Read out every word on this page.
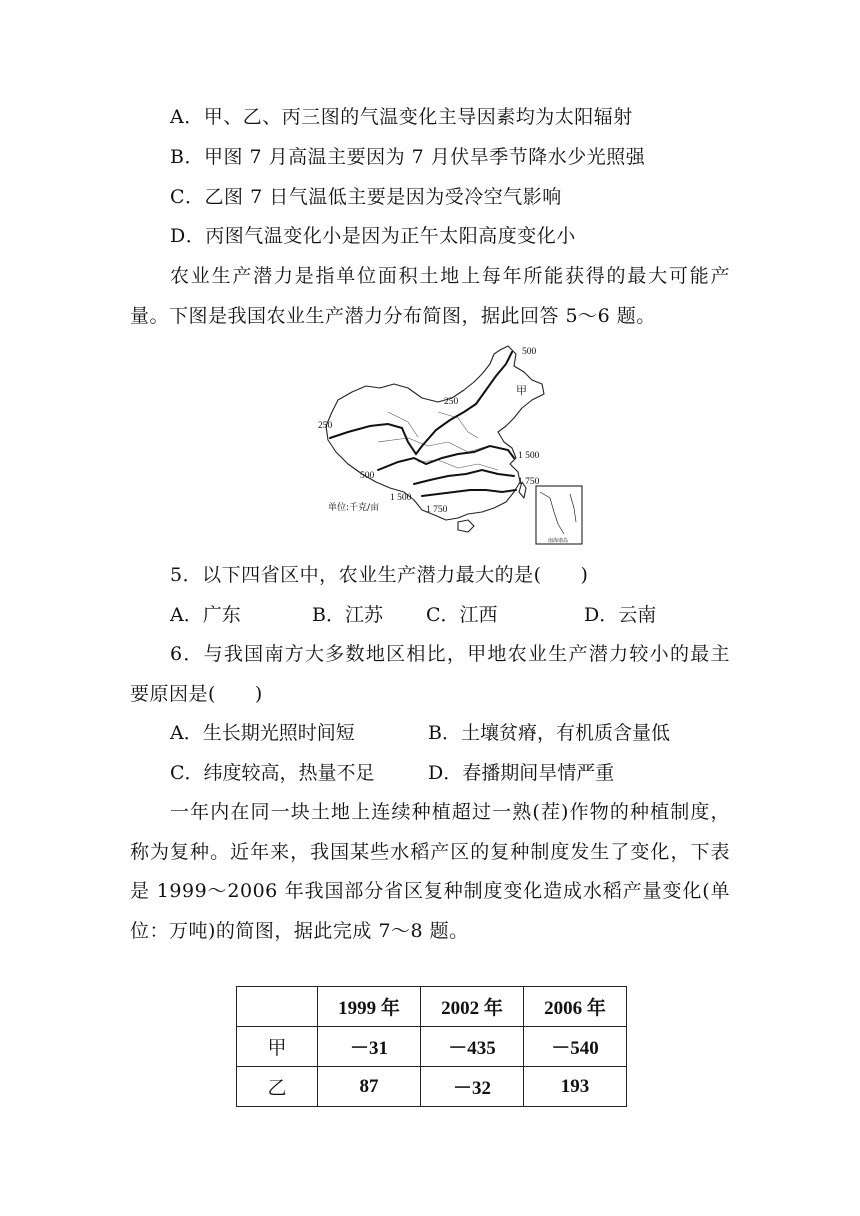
A．甲、乙、丙三图的气温变化主导因素均为太阳辐射
B．甲图 7 月高温主要因为 7 月伏旱季节降水少光照强
C．乙图 7 日气温低主要是因为受冷空气影响
D．丙图气温变化小是因为正午太阳高度变化小
农业生产潜力是指单位面积土地上每年所能获得的最大可能产
量。下图是我国农业生产潜力分布简图，据此回答 5～6 题。
500
250
250
500
1 500
1 750
1 500
1 750
单位:千克/亩
甲
南海诸岛
5．以下四省区中，农业生产潜力最大的是(　　)
A．广东	B．江苏 C．江西	D．云南
6．与我国南方大多数地区相比，甲地农业生产潜力较小的最主
要原因是(　　)
A．生长期光照时间短	B．土壤贫瘠，有机质含量低
C．纬度较高，热量不足	D．春播期间旱情严重
一年内在同一块土地上连续种植超过一熟(茬)作物的种植制度，
称为复种。近年来，我国某些水稻产区的复种制度发生了变化，下表
是 1999～2006 年我国部分省区复种制度变化造成水稻产量变化(单
位：万吨)的简图，据此完成 7～8 题。
	1999 年	2002 年	2006 年
甲	－31	－435	－540
乙	87	－32	193
